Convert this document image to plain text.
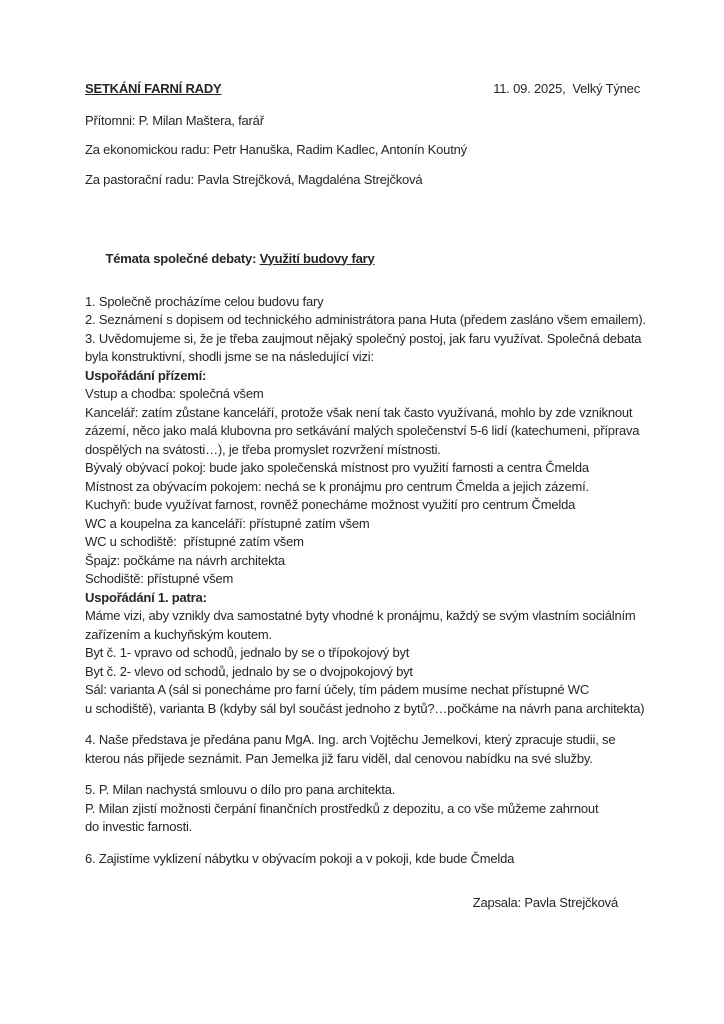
SETKÁNÍ FARNÍ RADY	11. 09. 2025,  Velký Týnec
Přítomni: P. Milan Maštera, farář
Za ekonomickou radu: Petr Hanuška, Radim Kadlec, Antonín Koutný
Za pastorační radu: Pavla Strejčková, Magdaléna Strejčková

Témata společné debaty: Využití budovy fary

1. Společně procházíme celou budovu fary
2. Seznámení s dopisem od technického administrátora pana Huta (předem zasláno všem emailem).
3. Uvědomujeme si, že je třeba zaujmout nějaký společný postoj, jak faru využívat. Společná debata
byla konstruktivní, shodli jsme se na následující vizi:
Uspořádání přízemí:
Vstup a chodba: společná všem
Kancelář: zatím zůstane kanceláří, protože však není tak často využívaná, mohlo by zde vzniknout
zázemí, něco jako malá klubovna pro setkávání malých společenství 5-6 lidí (katechumeni, příprava
dospělých na svátosti…), je třeba promyslet rozvržení místnosti.
Bývalý obývací pokoj: bude jako společenská místnost pro využití farnosti a centra Čmelda
Místnost za obývacím pokojem: nechá se k pronájmu pro centrum Čmelda a jejich zázemí.
Kuchyň: bude využívat farnost, rovněž ponecháme možnost využití pro centrum Čmelda
WC a koupelna za kanceláří: přístupné zatím všem
WC u schodiště:  přístupné zatím všem
Špajz: počkáme na návrh architekta
Schodiště: přístupné všem
Uspořádání 1. patra:
Máme vizi, aby vznikly dva samostatné byty vhodné k pronájmu, každý se svým vlastním sociálním
zařízením a kuchyňským koutem.
Byt č. 1- vpravo od schodů, jednalo by se o třípokojový byt
Byt č. 2- vlevo od schodů, jednalo by se o dvojpokojový byt
Sál: varianta A (sál si ponecháme pro farní účely, tím pádem musíme nechat přístupné WC
u schodiště), varianta B (kdyby sál byl součást jednoho z bytů?…počkáme na návrh pana architekta)
4. Naše představa je předána panu MgA. Ing. arch Vojtěchu Jemelkovi, který zpracuje studii, se
kterou nás přijede seznámit. Pan Jemelka již faru viděl, dal cenovou nabídku na své služby.
5. P. Milan nachystá smlouvu o dílo pro pana architekta.
P. Milan zjistí možnosti čerpání finančních prostředků z depozitu, a co vše můžeme zahrnout
do investic farnosti.
6. Zajistíme vyklizení nábytku v obývacím pokoji a v pokoji, kde bude Čmelda
Zapsala: Pavla Strejčková
